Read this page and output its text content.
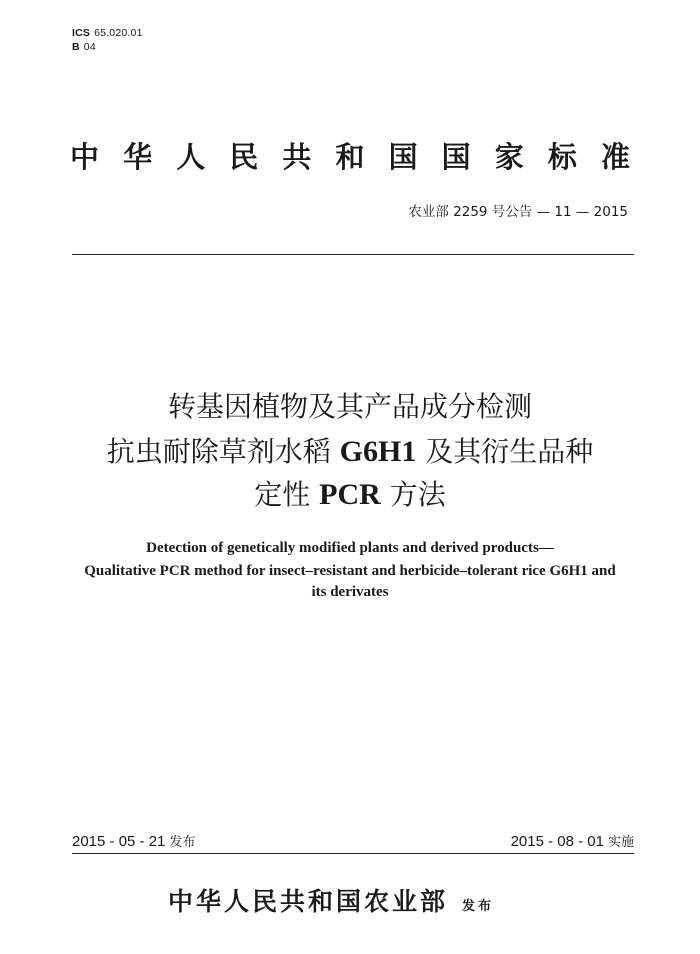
ICS 65.020.01
B 04
中 华 人 民 共 和 国 国 家 标 准
农业部 2259 号公告 — 11 — 2015
转基因植物及其产品成分检测
抗虫耐除草剂水稻 G6H1 及其衍生品种
定性 PCR 方法
Detection of genetically modified plants and derived products—
Qualitative PCR method for insect–resistant and herbicide–tolerant rice G6H1 and
its derivates
2015 - 05 - 21 发布	2015 - 08 - 01 实施
中华人民共和国农业部 发布
